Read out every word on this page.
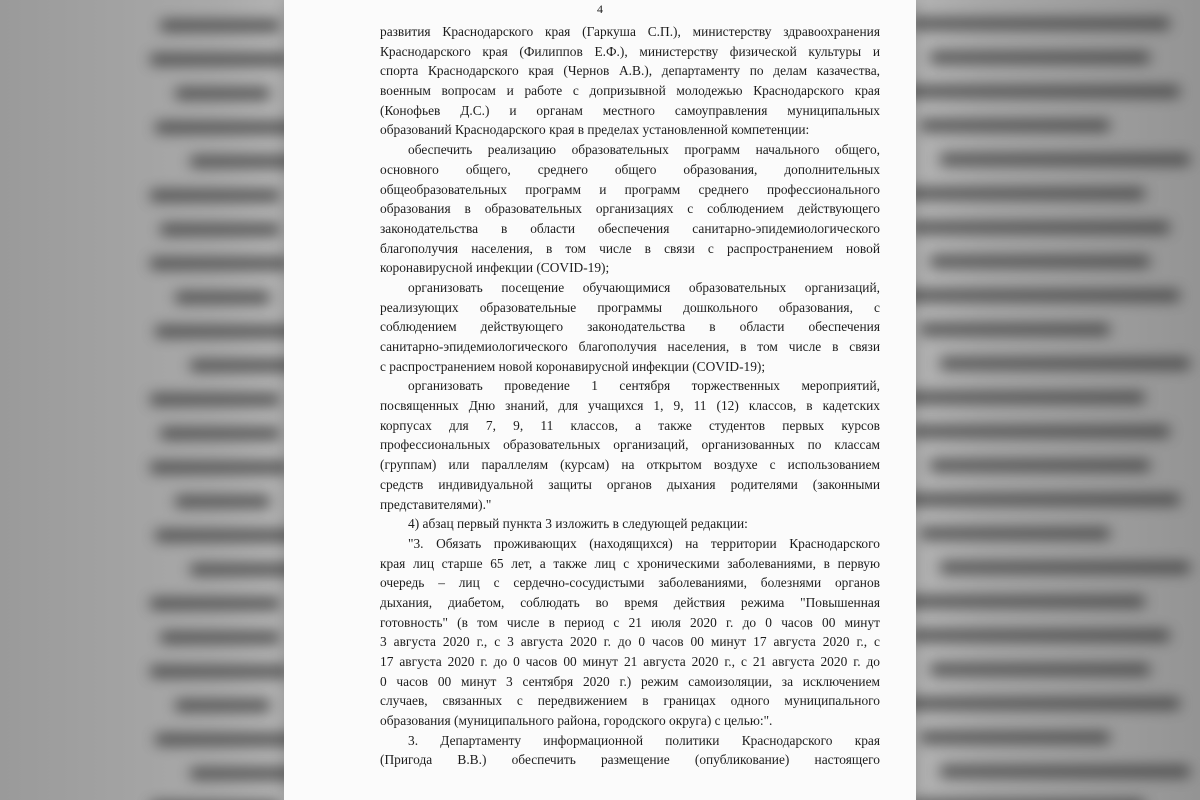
4
развития Краснодарского края (Гаркуша С.П.), министерству здравоохранения
Краснодарского края (Филиппов Е.Ф.), министерству физической культуры и
спорта Краснодарского края (Чернов А.В.), департаменту по делам казачества,
военным вопросам и работе с допризывной молодежью Краснодарского края
(Конофьев Д.С.) и органам местного самоуправления муниципальных
образований Краснодарского края в пределах установленной компетенции:
обеспечить реализацию образовательных программ начального общего,
основного общего, среднего общего образования, дополнительных
общеобразовательных программ и программ среднего профессионального
образования в образовательных организациях с соблюдением действующего
законодательства в области обеспечения санитарно-эпидемиологического
благополучия населения, в том числе в связи с распространением новой
коронавирусной инфекции (COVID-19);
организовать посещение обучающимися образовательных организаций,
реализующих образовательные программы дошкольного образования, с
соблюдением действующего законодательства в области обеспечения
санитарно-эпидемиологического благополучия населения, в том числе в связи
с распространением новой коронавирусной инфекции (COVID-19);
организовать проведение 1 сентября торжественных мероприятий,
посвященных Дню знаний, для учащихся 1, 9, 11 (12) классов, в кадетских
корпусах для 7, 9, 11 классов, а также студентов первых курсов
профессиональных образовательных организаций, организованных по классам
(группам) или параллелям (курсам) на открытом воздухе с использованием
средств индивидуальной защиты органов дыхания родителями (законными
представителями)."
4) абзац первый пункта 3 изложить в следующей редакции:
"3. Обязать проживающих (находящихся) на территории Краснодарского
края лиц старше 65 лет, а также лиц с хроническими заболеваниями, в первую
очередь – лиц с сердечно-сосудистыми заболеваниями, болезнями органов
дыхания, диабетом, соблюдать во время действия режима "Повышенная
готовность" (в том числе в период с 21 июля 2020 г. до 0 часов 00 минут
3 августа 2020 г., с 3 августа 2020 г. до 0 часов 00 минут 17 августа 2020 г., с
17 августа 2020 г. до 0 часов 00 минут 21 августа 2020 г., с 21 августа 2020 г. до
0 часов 00 минут 3 сентября 2020 г.) режим самоизоляции, за исключением
случаев, связанных с передвижением в границах одного муниципального
образования (муниципального района, городского округа) с целью:".
3. Департаменту информационной политики Краснодарского края
(Пригода В.В.) обеспечить размещение (опубликование) настоящего
